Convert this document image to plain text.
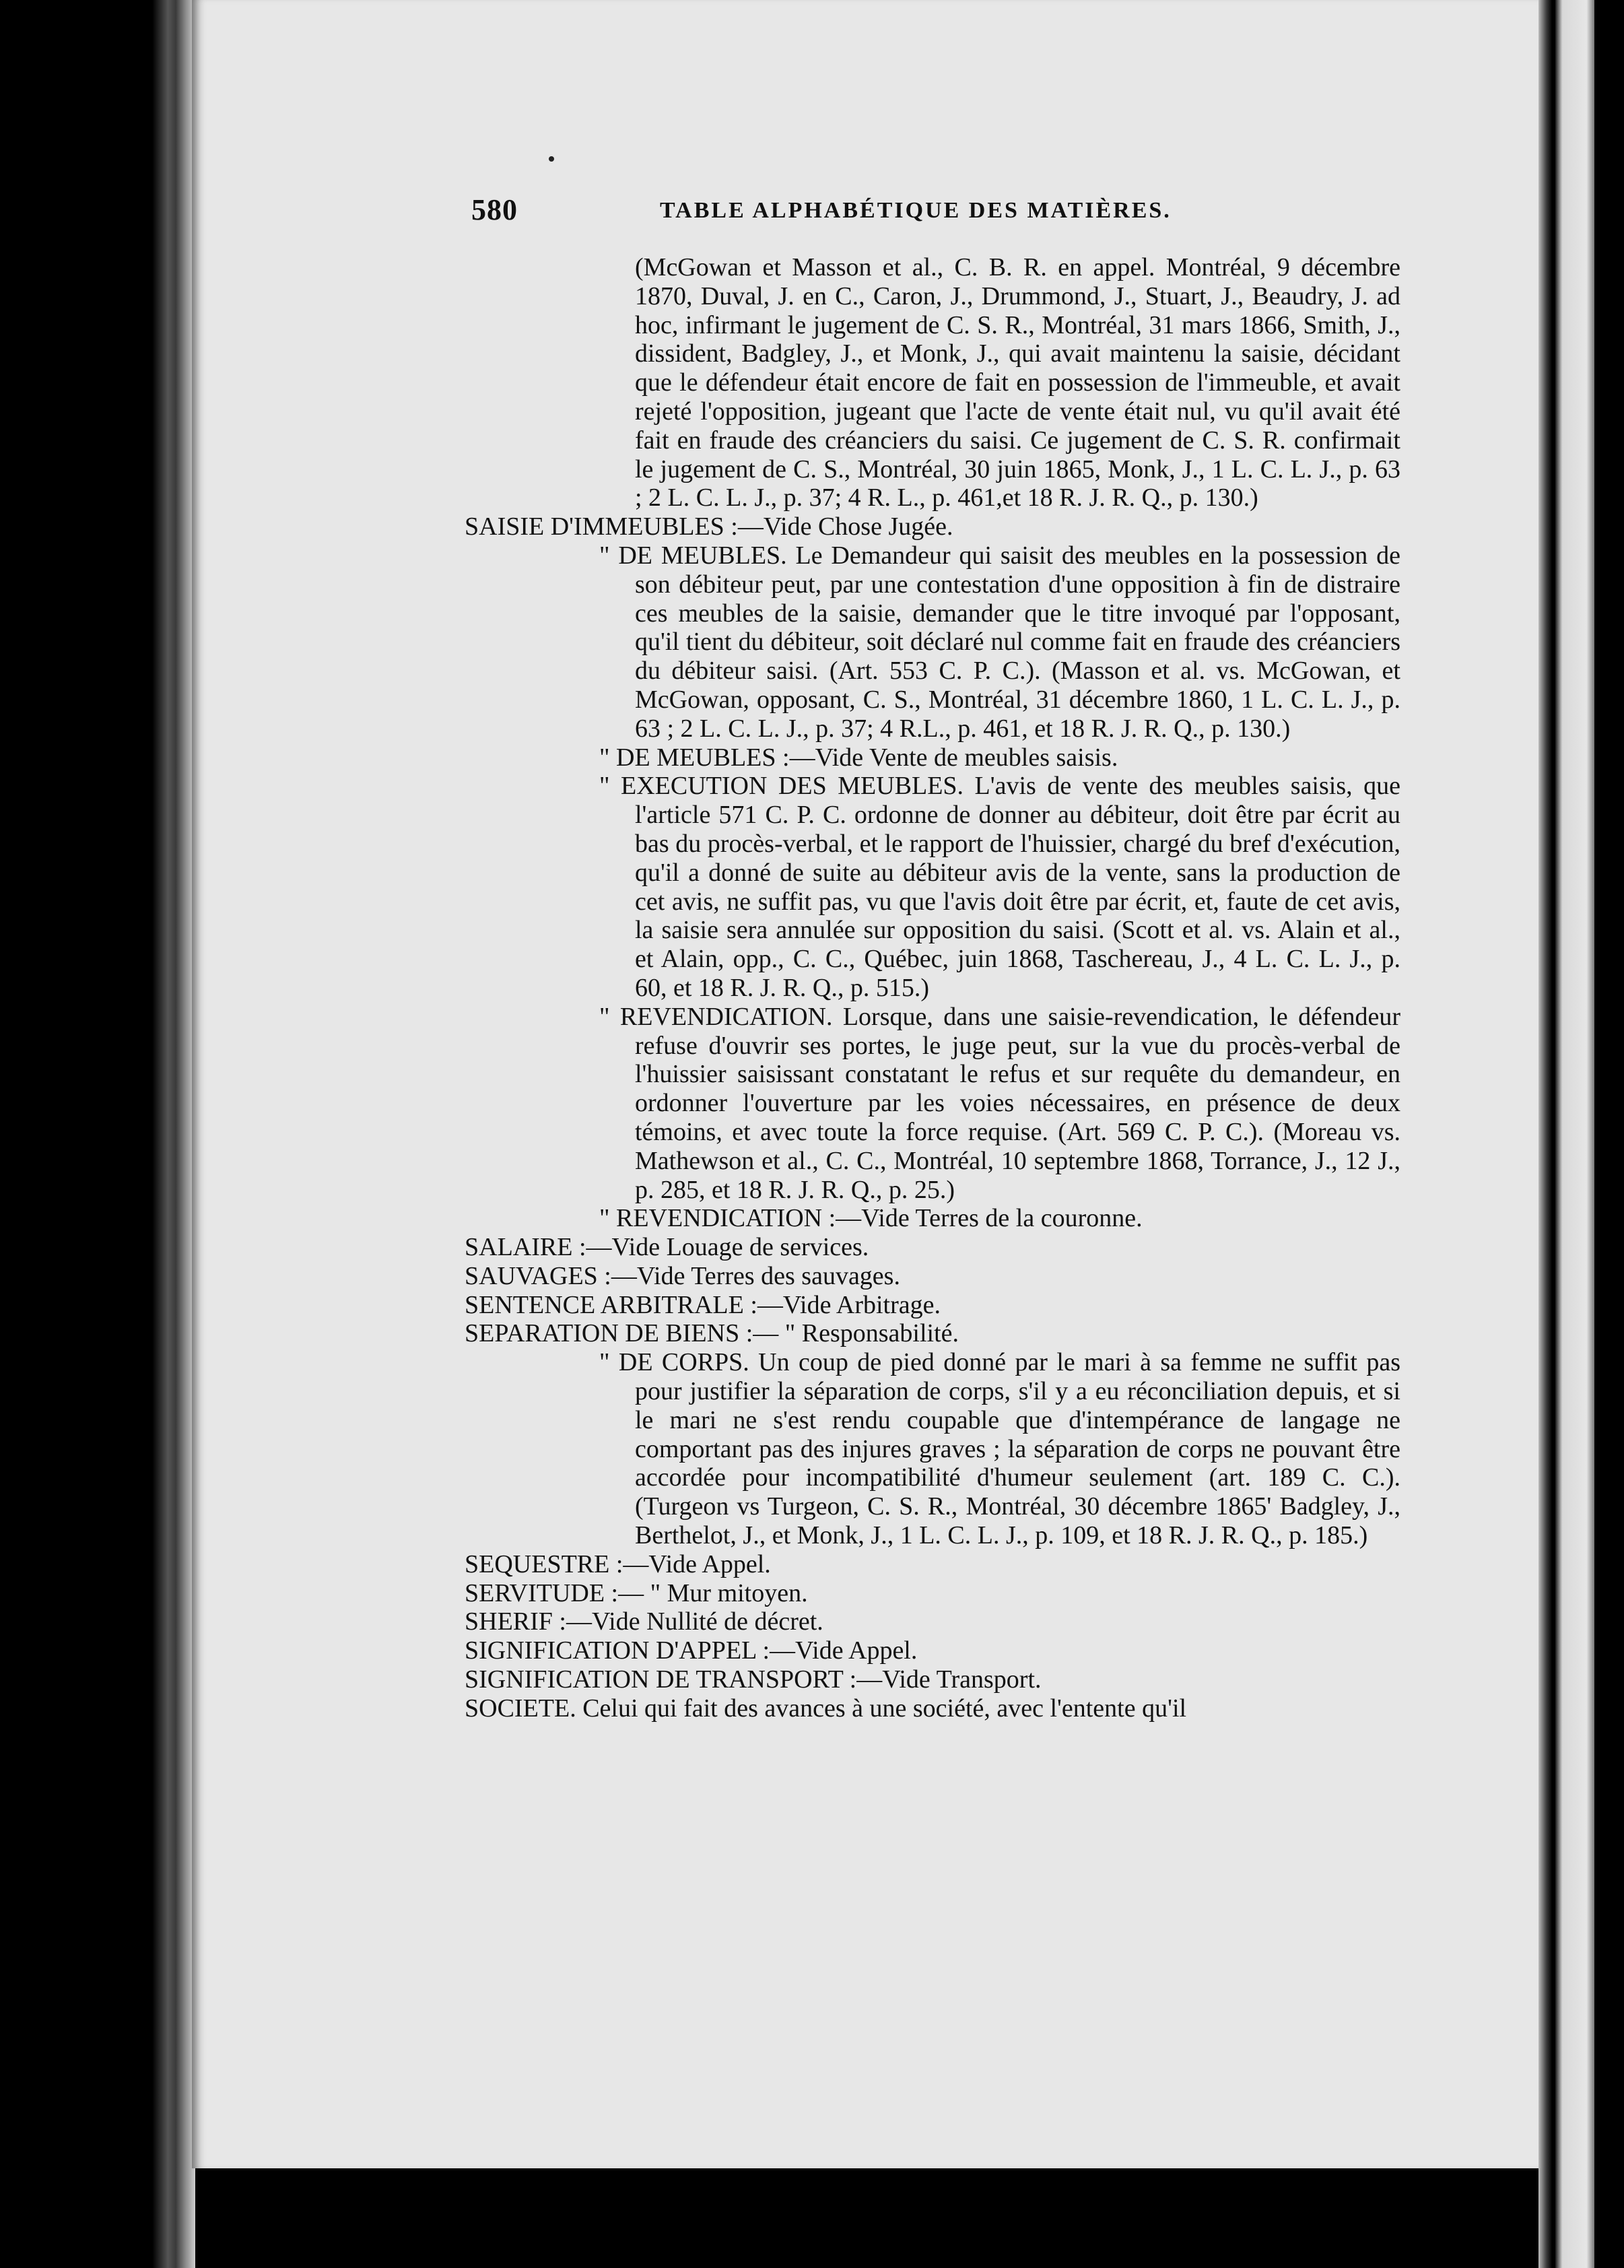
580	TABLE ALPHABÉTIQUE DES MATIÈRES.

(McGowan et Masson et al., C. B. R. en appel. Montréal, 9 décembre 1870, Duval, J. en C., Caron, J., Drummond, J., Stuart, J., Beaudry, J. ad hoc, infirmant le jugement de C. S. R., Montréal, 31 mars 1866, Smith, J., dissident, Badgley, J., et Monk, J., qui avait maintenu la saisie, décidant que le défendeur était encore de fait en possession de l'immeuble, et avait rejeté l'opposition, jugeant que l'acte de vente était nul, vu qu'il avait été fait en fraude des créanciers du saisi. Ce jugement de C. S. R. confirmait le jugement de C. S., Montréal, 30 juin 1865, Monk, J., 1 L. C. L. J., p. 63 ; 2 L. C. L. J., p. 37; 4 R. L., p. 461,et 18 R. J. R. Q., p. 130.)

SAISIE D'IMMEUBLES :—Vide Chose Jugée.

" DE MEUBLES. Le Demandeur qui saisit des meubles en la possession de son débiteur peut, par une contestation d'une opposition à fin de distraire ces meubles de la saisie, demander que le titre invoqué par l'opposant, qu'il tient du débiteur, soit déclaré nul comme fait en fraude des créanciers du débiteur saisi. (Art. 553 C. P. C.). (Masson et al. vs. McGowan, et McGowan, opposant, C. S., Montréal, 31 décembre 1860, 1 L. C. L. J., p. 63 ; 2 L. C. L. J., p. 37; 4 R.L., p. 461, et 18 R. J. R. Q., p. 130.)

" DE MEUBLES :—Vide Vente de meubles saisis.

" EXECUTION DES MEUBLES. L'avis de vente des meubles saisis, que l'article 571 C. P. C. ordonne de donner au débiteur, doit être par écrit au bas du procès-verbal, et le rapport de l'huissier, chargé du bref d'exécution, qu'il a donné de suite au débiteur avis de la vente, sans la production de cet avis, ne suffit pas, vu que l'avis doit être par écrit, et, faute de cet avis, la saisie sera annulée sur opposition du saisi. (Scott et al. vs. Alain et al., et Alain, opp., C. C., Québec, juin 1868, Taschereau, J., 4 L. C. L. J., p. 60, et 18 R. J. R. Q., p. 515.)

" REVENDICATION. Lorsque, dans une saisie-revendication, le défendeur refuse d'ouvrir ses portes, le juge peut, sur la vue du procès-verbal de l'huissier saisissant constatant le refus et sur requête du demandeur, en ordonner l'ouverture par les voies nécessaires, en présence de deux témoins, et avec toute la force requise. (Art. 569 C. P. C.). (Moreau vs. Mathewson et al., C. C., Montréal, 10 septembre 1868, Torrance, J., 12 J., p. 285, et 18 R. J. R. Q., p. 25.)

" REVENDICATION :—Vide Terres de la couronne.

SALAIRE :—Vide Louage de services.

SAUVAGES :—Vide Terres des sauvages.

SENTENCE ARBITRALE :—Vide Arbitrage.

SEPARATION DE BIENS :— " Responsabilité.

" DE CORPS. Un coup de pied donné par le mari à sa femme ne suffit pas pour justifier la séparation de corps, s'il y a eu réconciliation depuis, et si le mari ne s'est rendu coupable que d'intempérance de langage ne comportant pas des injures graves ; la séparation de corps ne pouvant être accordée pour incompatibilité d'humeur seulement (art. 189 C. C.). (Turgeon vs Turgeon, C. S. R., Montréal, 30 décembre 1865' Badgley, J., Berthelot, J., et Monk, J., 1 L. C. L. J., p. 109, et 18 R. J. R. Q., p. 185.)

SEQUESTRE :—Vide Appel.

SERVITUDE :— " Mur mitoyen.

SHERIF :—Vide Nullité de décret.

SIGNIFICATION D'APPEL :—Vide Appel.

SIGNIFICATION DE TRANSPORT :—Vide Transport.

SOCIETE. Celui qui fait des avances à une société, avec l'entente qu'il
